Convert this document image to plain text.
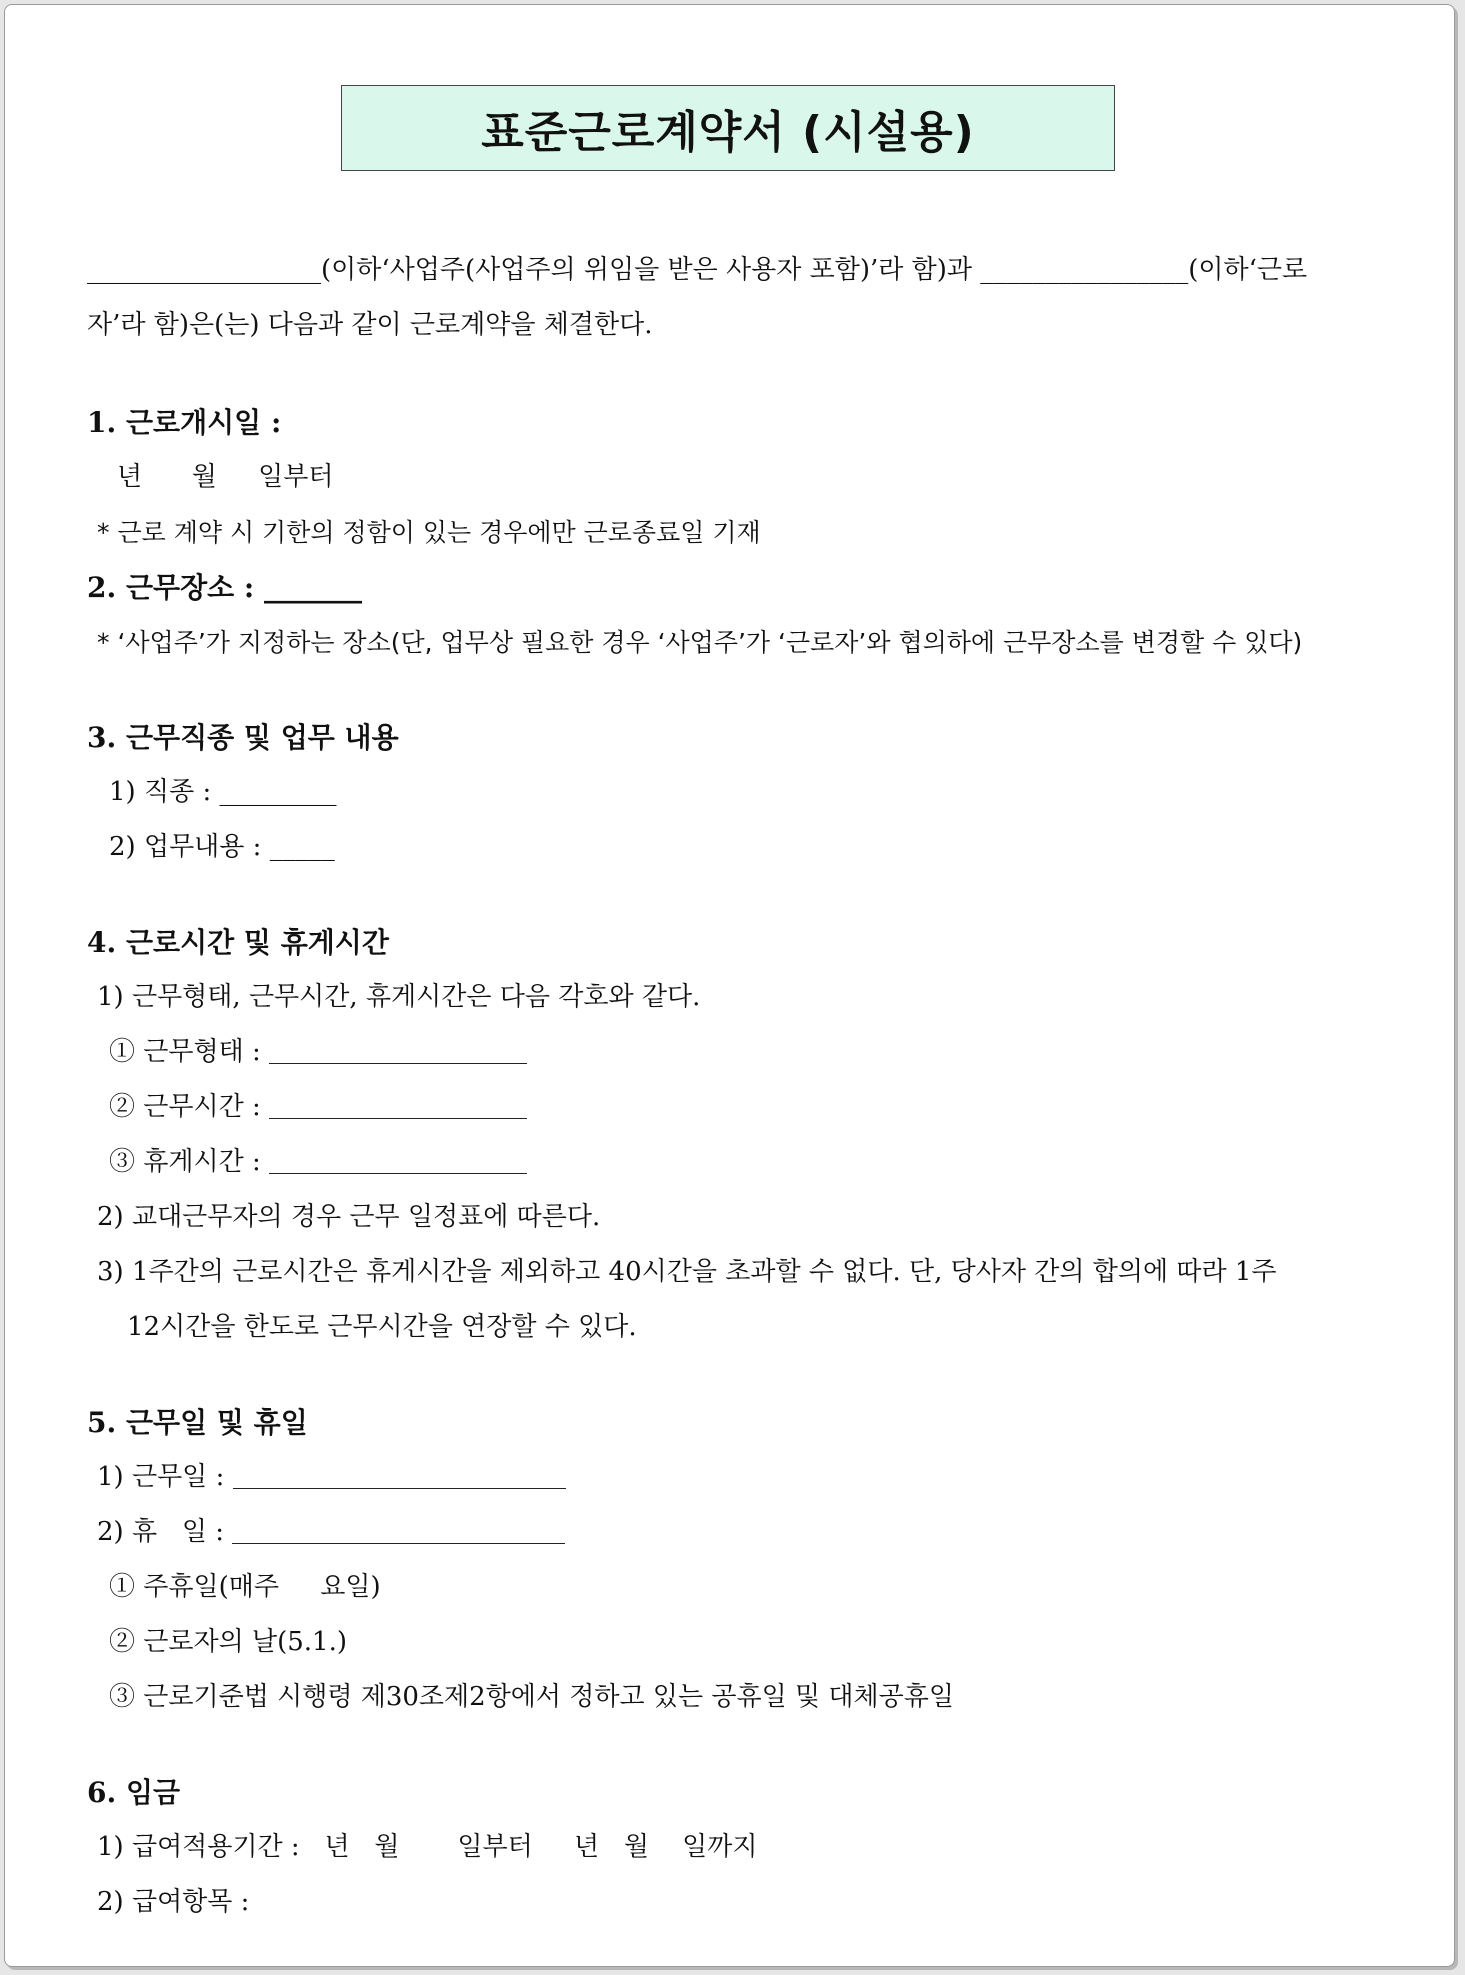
표준근로계약서 (시설용)
__________________(이하‘사업주(사업주의 위임을 받은 사용자 포함)’라 함)과 ________________(이하‘근로
자’라 함)은(는) 다음과 같이 근로계약을 체결한다.
1. 근로개시일 :
년 월 일부터
* 근로 계약 시 기한의 정함이 있는 경우에만 근로종료일 기재
2. 근무장소 : _______
* ‘사업주’가 지정하는 장소(단, 업무상 필요한 경우 ‘사업주’가 ‘근로자’와 협의하에 근무장소를 변경할 수 있다)
3. 근무직종 및 업무 내용
1) 직종 : _________
2) 업무내용 : _____
4. 근로시간 및 휴게시간
1) 근무형태, 근무시간, 휴게시간은 다음 각호와 같다.
① 근무형태 :
② 근무시간 :
③ 휴게시간 :
2) 교대근무자의 경우 근무 일정표에 따른다.
3) 1주간의 근로시간은 휴게시간을 제외하고 40시간을 초과할 수 없다. 단, 당사자 간의 합의에 따라 1주
12시간을 한도로 근무시간을 연장할 수 있다.
5. 근무일 및 휴일
1) 근무일 :
2) 휴   일 :
① 주휴일(매주     요일)
② 근로자의 날(5.1.)
③ 근로기준법 시행령 제30조제2항에서 정하고 있는 공휴일 및 대체공휴일
6. 임금
1) 급여적용기간 :   년   월       일부터     년   월    일까지
2) 급여항목 :
